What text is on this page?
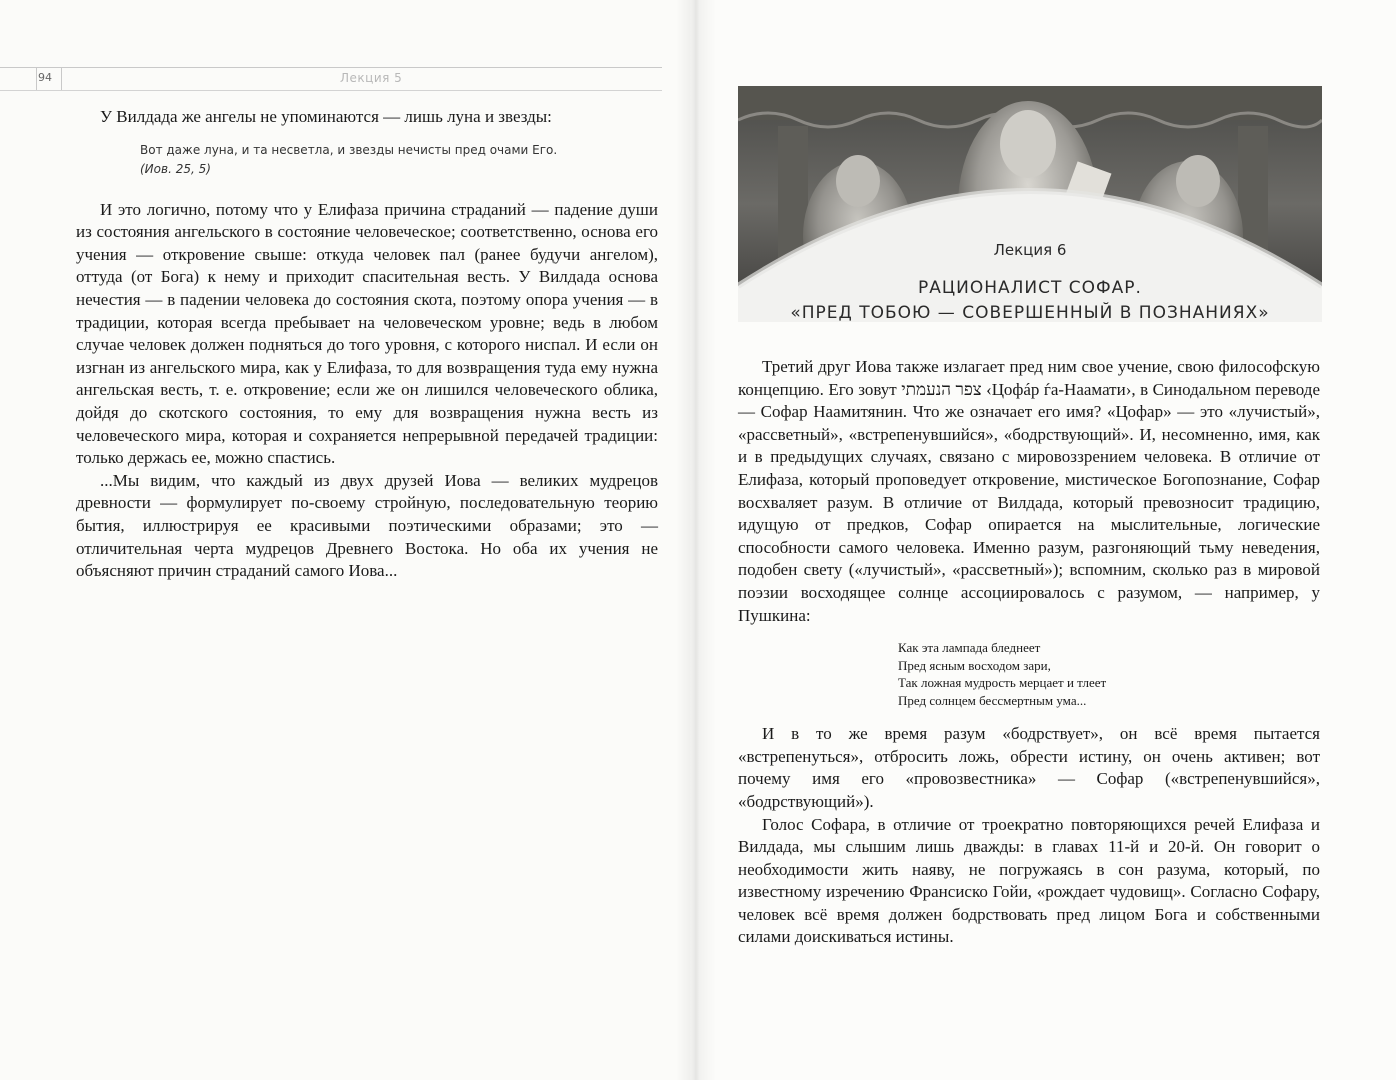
94	Лекция 5

У Вилдада же ангелы не упоминаются — лишь луна и звезды:

Вот даже луна, и та несветла, и звезды нечисты пред очами Его.

(Иов. 25, 5)

И это логично, потому что у Елифаза причина страданий — падение души из состояния ангельского в состояние человеческое; соответственно, основа его учения — откровение свыше: откуда человек пал (ранее будучи ангелом), оттуда (от Бога) к нему и приходит спасительная весть. У Вилдада основа нечестия — в падении человека до состояния скота, поэтому опора учения — в традиции, которая всегда пребывает на человеческом уровне; ведь в любом случае человек должен подняться до того уровня, с которого ниспал. И если он изгнан из ангельского мира, как у Елифаза, то для возвращения туда ему нужна ангельская весть, т. е. откровение; если же он лишился человеческого облика, дойдя до скотского состояния, то ему для возвращения нужна весть из человеческого мира, которая и сохраняется непрерывной передачей традиции: только держась ее, можно спастись.

...Мы видим, что каждый из двух друзей Иова — великих мудрецов древности — формулирует по-своему стройную, последовательную теорию бытия, иллюстрируя ее красивыми поэтическими образами; это — отличительная черта мудрецов Древнего Востока. Но оба их учения не объясняют причин страданий самого Иова...

Лекция 6
РАЦИОНАЛИСТ СОФАР.
«ПРЕД ТОБОЮ — СОВЕРШЕННЫЙ В ПОЗНАНИЯХ»

Третий друг Иова также излагает пред ним свое учение, свою философскую концепцию. Его зовут צפר הנעמתי ‹Цофáр ѓа-Наамати›, в Синодальном переводе — Софар Наамитянин. Что же означает его имя? «Цофар» — это «лучистый», «рассветный», «встрепенувшийся», «бодрствующий». И, несомненно, имя, как и в предыдущих случаях, связано с мировоззрением человека. В отличие от Елифаза, который проповедует откровение, мистическое Богопознание, Софар восхваляет разум. В отличие от Вилдада, который превозносит традицию, идущую от предков, Софар опирается на мыслительные, логические способности самого человека. Именно разум, разгоняющий тьму неведения, подобен свету («лучистый», «рассветный»); вспомним, сколько раз в мировой поэзии восходящее солнце ассоциировалось с разумом, — например, у Пушкина:

Как эта лампада бледнеет
Пред ясным восходом зари,
Так ложная мудрость мерцает и тлеет
Пред солнцем бессмертным ума...

И в то же время разум «бодрствует», он всё время пытается «встрепенуться», отбросить ложь, обрести истину, он очень активен; вот почему имя его «провозвестника» — Софар («встрепенувшийся», «бодрствующий»).

Голос Софара, в отличие от троекратно повторяющихся речей Елифаза и Вилдада, мы слышим лишь дважды: в главах 11-й и 20-й. Он говорит о необходимости жить наяву, не погружаясь в сон разума, который, по известному изречению Франсиско Гойи, «рождает чудовищ». Согласно Софару, человек всё время должен бодрствовать пред лицом Бога и собственными силами доискиваться истины.
